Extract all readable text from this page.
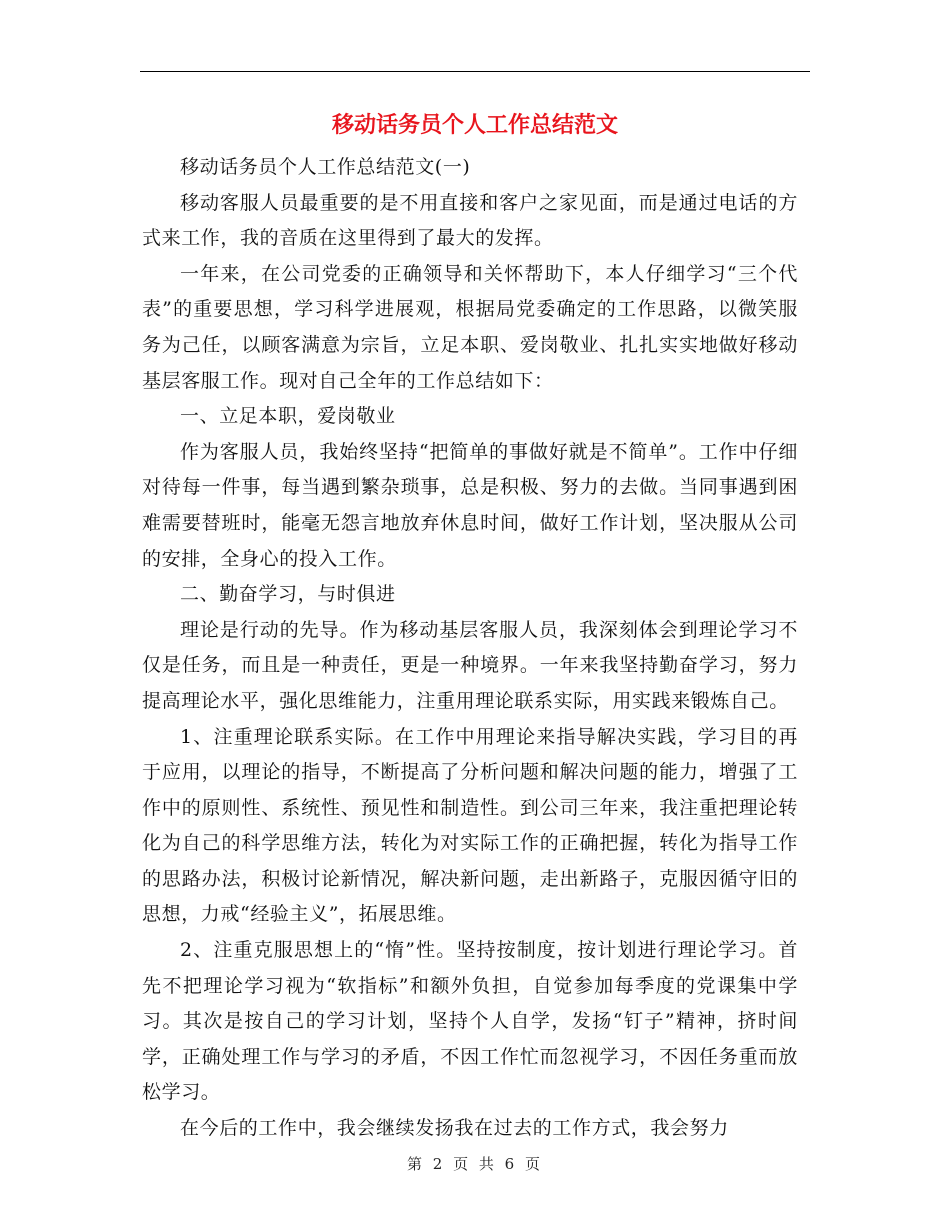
移动话务员个人工作总结范文

移动话务员个人工作总结范文(一)

移动客服人员最重要的是不用直接和客户之家见面，而是通过电话的方式来工作，我的音质在这里得到了最大的发挥。

一年来，在公司党委的正确领导和关怀帮助下，本人仔细学习“三个代表”的重要思想，学习科学进展观，根据局党委确定的工作思路，以微笑服务为己任，以顾客满意为宗旨，立足本职、爱岗敬业、扎扎实实地做好移动基层客服工作。现对自己全年的工作总结如下：

一、立足本职，爱岗敬业

作为客服人员，我始终坚持“把简单的事做好就是不简单”。工作中仔细对待每一件事，每当遇到繁杂琐事，总是积极、努力的去做。当同事遇到困难需要替班时，能毫无怨言地放弃休息时间，做好工作计划，坚决服从公司的安排，全身心的投入工作。

二、勤奋学习，与时俱进

理论是行动的先导。作为移动基层客服人员，我深刻体会到理论学习不仅是任务，而且是一种责任，更是一种境界。一年来我坚持勤奋学习，努力提高理论水平，强化思维能力，注重用理论联系实际，用实践来锻炼自己。

1、注重理论联系实际。在工作中用理论来指导解决实践，学习目的再于应用，以理论的指导，不断提高了分析问题和解决问题的能力，增强了工作中的原则性、系统性、预见性和制造性。到公司三年来，我注重把理论转化为自己的科学思维方法，转化为对实际工作的正确把握，转化为指导工作的思路办法，积极讨论新情况，解决新问题，走出新路子，克服因循守旧的思想，力戒“经验主义”，拓展思维。

2、注重克服思想上的“惰”性。坚持按制度，按计划进行理论学习。首先不把理论学习视为“软指标”和额外负担，自觉参加每季度的党课集中学习。其次是按自己的学习计划，坚持个人自学，发扬“钉子”精神，挤时间学，正确处理工作与学习的矛盾，不因工作忙而忽视学习，不因任务重而放松学习。

在今后的工作中，我会继续发扬我在过去的工作方式，我会努力

第 2 页 共 6 页
